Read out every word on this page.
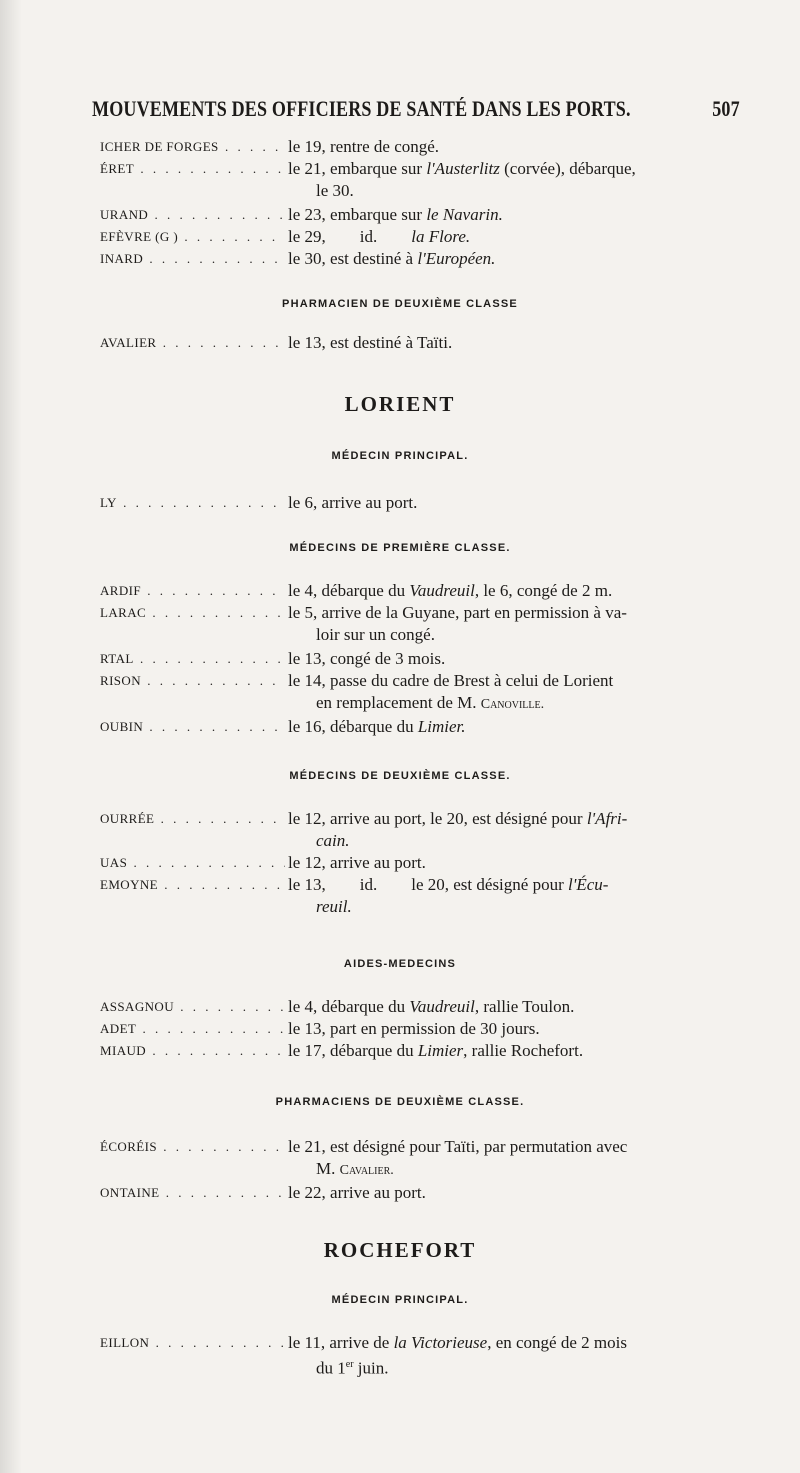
MOUVEMENTS DES OFFICIERS DE SANTÉ DANS LES PORTS.	507
ICHER DE FORGES . . .	le 19, rentre de congé.
ÉRET . . .	le 21, embarque sur l'Austerlitz (corvée), débarque,
le 30.
URAND . . .	le 23, embarque sur le Navarin.
EFÈVRE (G ) . . .	le 29,        id.        la Flore.
INARD . . .	le 30, est destiné à l'Européen.
PHARMACIEN DE DEUXIÈME CLASSE
AVALIER . . .	le 13, est destiné à Taïti.
LORIENT
MÉDECIN PRINCIPAL.
LY . . .	le 6, arrive au port.
MÉDECINS DE PREMIÈRE CLASSE.
ARDIF . . .	le 4, débarque du Vaudreuil, le 6, congé de 2 m.
LARAC . . .	le 5, arrive de la Guyane, part en permission à va-
loir sur un congé.
RTAL . . .	le 13, congé de 3 mois.
RISON . . .	le 14, passe du cadre de Brest à celui de Lorient
en remplacement de M. Canoville.
OUBIN . . .	le 16, débarque du Limier.
MÉDECINS DE DEUXIÈME CLASSE.
OURRÉE . . .	le 12, arrive au port, le 20, est désigné pour l'Afri-
cain.
UAS . . .	le 12, arrive au port.
EMOYNE . . .	le 13,        id.        le 20, est désigné pour l'Écu-
reuil.
AIDES-MEDECINS
ASSAGNOU . . .	le 4, débarque du Vaudreuil, rallie Toulon.
ADET . . .	le 13, part en permission de 30 jours.
MIAUD . . .	le 17, débarque du Limier, rallie Rochefort.
PHARMACIENS DE DEUXIÈME CLASSE.
ÉCORÉIS . . .	le 21, est désigné pour Taïti, par permutation avec
M. Cavalier.
ONTAINE . . .	le 22, arrive au port.
ROCHEFORT
MÉDECIN PRINCIPAL.
EILLON . . .	le 11, arrive de la Victorieuse, en congé de 2 mois
du 1er juin.
